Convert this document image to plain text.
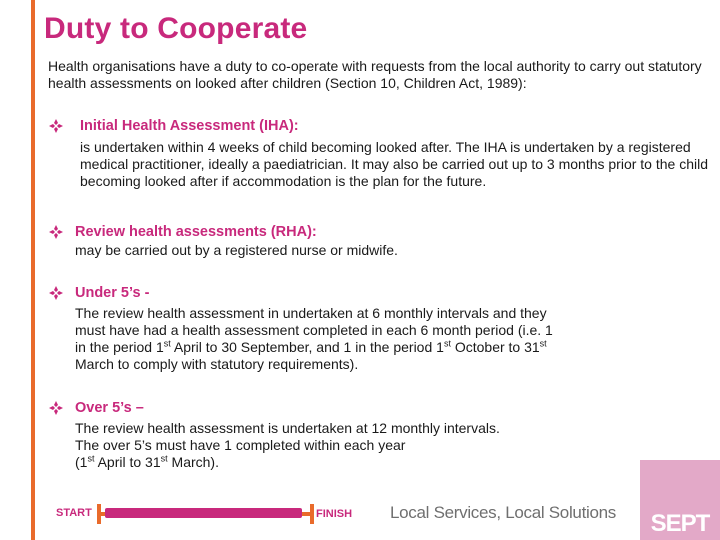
Duty to Cooperate
Health organisations have a duty to co-operate with requests from the local authority to carry out statutory health assessments on looked after children (Section 10, Children Act, 1989):
Initial Health Assessment (IHA):
is undertaken within 4 weeks of child becoming looked after. The IHA is undertaken by a registered medical practitioner, ideally a paediatrician. It may also be carried out up to 3 months prior to the child becoming looked after if accommodation is the plan for the future.
Review health assessments (RHA):
may be carried out by a registered nurse or midwife.
Under 5’s -
The review health assessment in undertaken at 6 monthly intervals and they
must have had a health assessment completed in each 6 month period (i.e. 1
in the period 1st April to 30 September, and 1 in the period 1st October to 31st
March to comply with statutory requirements).
Over 5’s –
The review health assessment is undertaken at 12 monthly intervals.
The over 5’s must have 1 completed within each year
(1st April to 31st March).
START	FINISH Local Services, Local Solutions	SEPT
